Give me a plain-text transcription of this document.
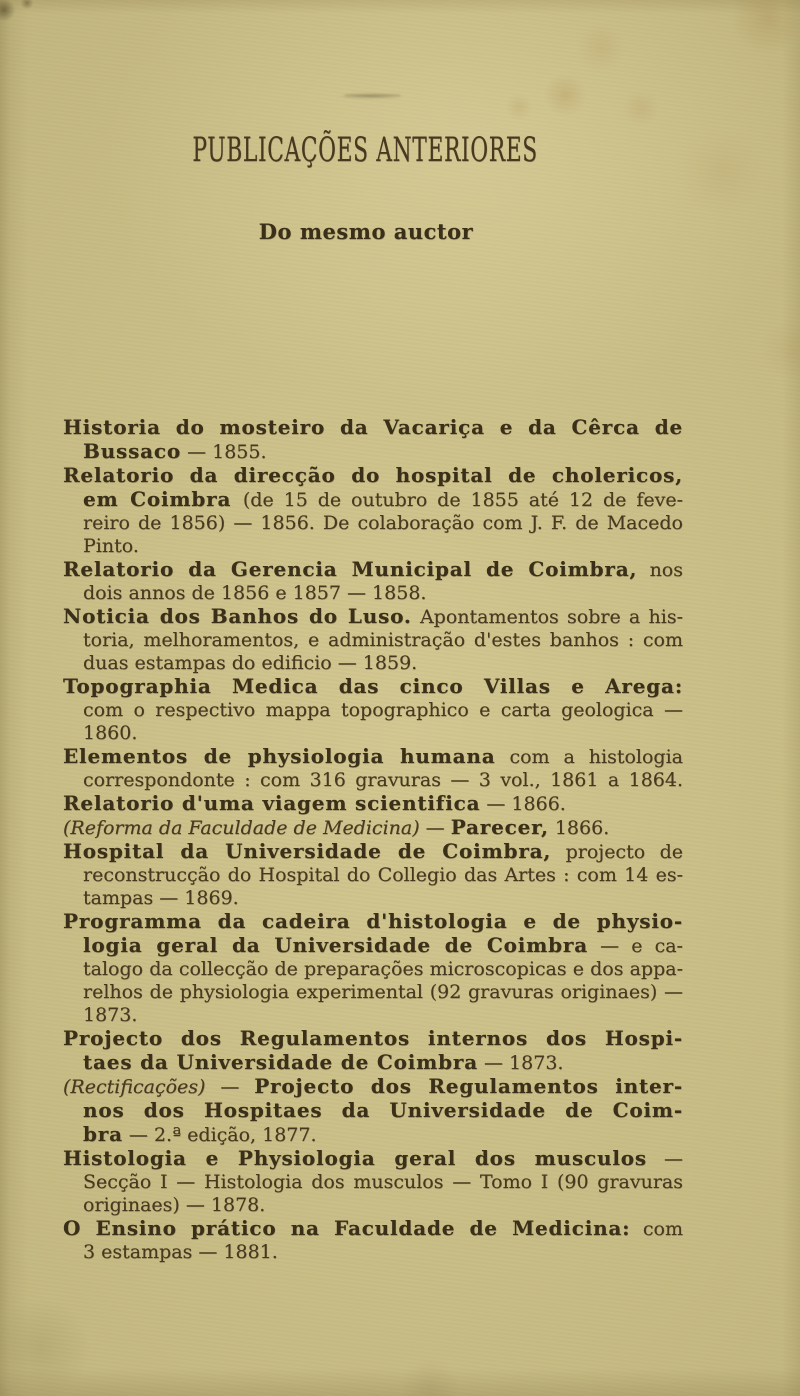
PUBLICAÇÕES ANTERIORES
Do mesmo auctor
Historia do mosteiro da Vacariça e da Cêrca de
Bussaco — 1855.
Relatorio da direcção do hospital de cholericos,
em Coimbra (de 15 de outubro de 1855 até 12 de feve-
reiro de 1856) — 1856. De colaboração com J. F. de Macedo
Pinto.
Relatorio da Gerencia Municipal de Coimbra, nos
dois annos de 1856 e 1857 — 1858.
Noticia dos Banhos do Luso. Apontamentos sobre a his-
toria, melhoramentos, e administração d'estes banhos : com
duas estampas do edificio — 1859.
Topographia Medica das cinco Villas e Arega:
com o respectivo mappa topographico e carta geologica — 1860.
Elementos de physiologia humana com a histologia
correspondonte : com 316 gravuras — 3 vol., 1861 a 1864.
Relatorio d'uma viagem scientifica — 1866.
(Reforma da Faculdade de Medicina) — Parecer, 1866.
Hospital da Universidade de Coimbra, projecto de
reconstrucção do Hospital do Collegio das Artes : com 14 es-
tampas — 1869.
Programma da cadeira d'histologia e de physio-
logia geral da Universidade de Coimbra — e ca-
talogo da collecção de preparações microscopicas e dos appa-
relhos de physiologia experimental (92 gravuras originaes) —
1873.
Projecto dos Regulamentos internos dos Hospi-
taes da Universidade de Coimbra — 1873.
(Rectificações) — Projecto dos Regulamentos inter-
nos dos Hospitaes da Universidade de Coim-
bra — 2.ª edição, 1877.
Histologia e Physiologia geral dos musculos —
Secção I — Histologia dos musculos — Tomo I (90 gravuras
originaes) — 1878.
O Ensino prático na Faculdade de Medicina: com
3 estampas — 1881.
